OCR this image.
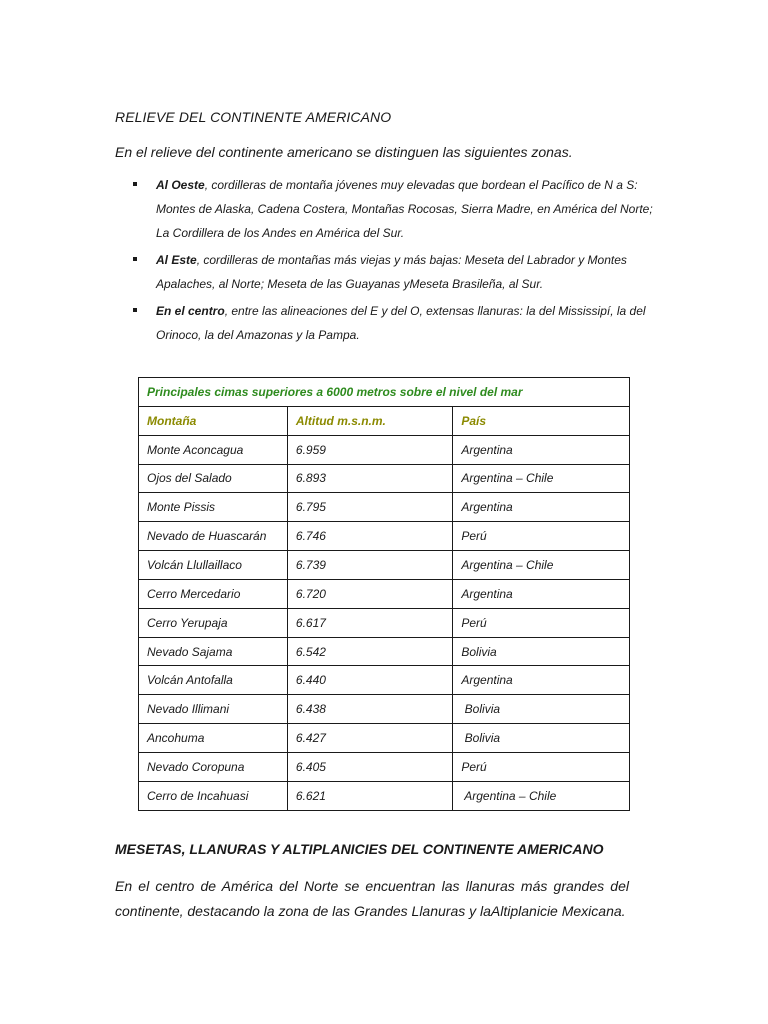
RELIEVE DEL CONTINENTE AMERICANO
En el relieve del continente americano se distinguen las siguientes zonas.
Al Oeste, cordilleras de montaña jóvenes muy elevadas que bordean el Pacífico de N a S: Montes de Alaska, Cadena Costera, Montañas Rocosas, Sierra Madre, en América del Norte; La Cordillera de los Andes en América del Sur.
Al Este, cordilleras de montañas más viejas y más bajas: Meseta del Labrador y Montes Apalaches, al Norte; Meseta de las Guayanas yMeseta Brasileña, al Sur.
En el centro, entre las alineaciones del E y del O, extensas llanuras: la del Mississipí, la del Orinoco, la del Amazonas y la Pampa.
Principales cimas superiores a 6000 metros sobre el nivel del mar		
Montaña	Altitud m.s.n.m.	País
Monte Aconcagua	6.959	Argentina
Ojos del Salado	6.893	Argentina – Chile
Monte Pissis	6.795	Argentina
Nevado de Huascarán	6.746	Perú
Volcán Llullaillaco	6.739	Argentina – Chile
Cerro Mercedario	6.720	Argentina
Cerro Yerupaja	6.617	Perú
Nevado Sajama	6.542	Bolivia
Volcán Antofalla	6.440	Argentina
Nevado Illimani	6.438	Bolivia
Ancohuma	6.427	Bolivia
Nevado Coropuna	6.405	Perú
Cerro de Incahuasi	6.621	Argentina – Chile
MESETAS, LLANURAS Y ALTIPLANICIES DEL CONTINENTE AMERICANO
En el centro de América del Norte se encuentran las llanuras más grandes del continente, destacando la zona de las Grandes Llanuras y laAltiplanicie Mexicana.
